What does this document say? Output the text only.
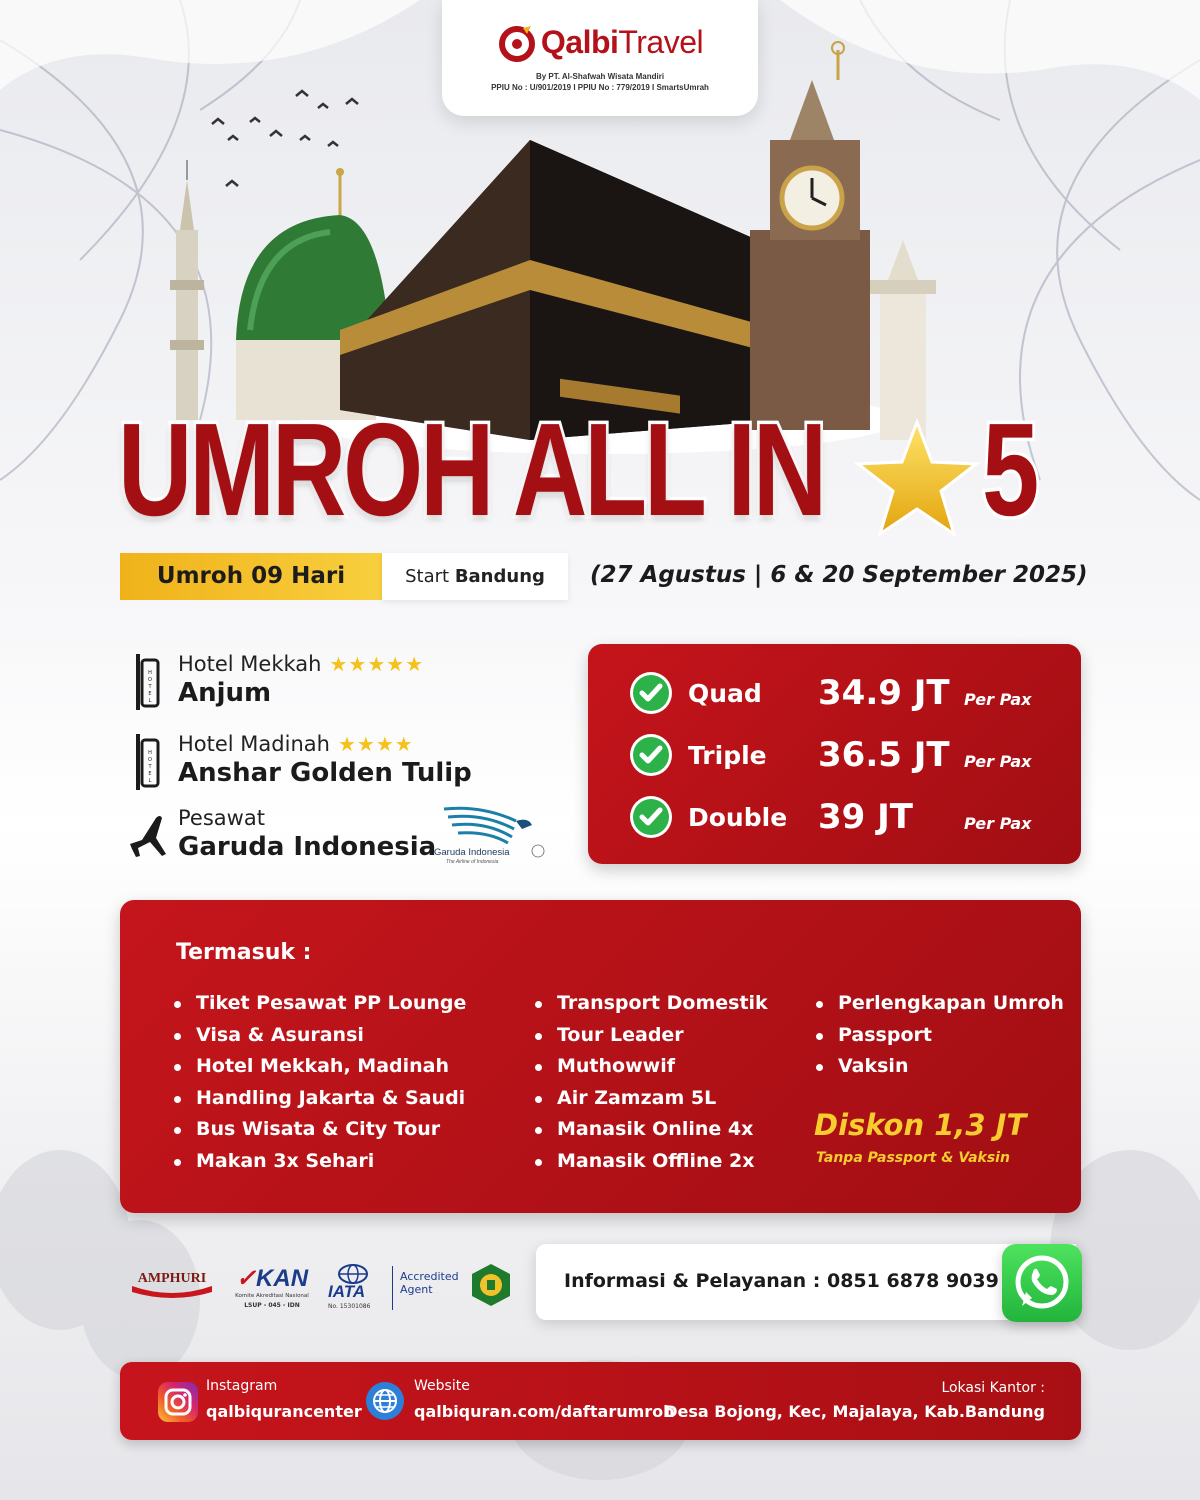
QalbiTravel
By PT. Al-Shafwah Wisata Mandiri
PPIU No : U/901/2019 I PPIU No : 779/2019 I SmartsUmrah
UMROH ALL IN 5
Umroh 09 Hari	Start Bandung	(27 Agustus | 6 & 20 September 2025)
H
O
T
E
L
Hotel Mekkah ★★★★★
Anjum
H
O
T
E
L
Hotel Madinah ★★★★
Anshar Golden Tulip
Pesawat
Garuda Indonesia
Garuda Indonesia
The Airline of Indonesia
Quad	34.9 JT Per Pax
Triple	36.5 JT Per Pax
Double 39 JT	Per Pax
Termasuk :
Tiket Pesawat PP Lounge
Visa & Asuransi
Hotel Mekkah, Madinah
Handling Jakarta & Saudi
Bus Wisata & City Tour
Makan 3x Sehari
Transport Domestik
Tour Leader
Muthowwif
Air Zamzam 5L
Manasik Online 4x
Manasik Offline 2x
Perlengkapan Umroh
Passport
Vaksin
Diskon 1,3 JT
Tanpa Passport & Vaksin
AMPHURI ✓KAN
Komite Akreditasi Nasional
LSUP - 045 - IDN
IATA
No. 15301086
Accredited
Agent	Informasi & Pelayanan : 0851 6878 9039
Instagram
qalbiqurancenter
Website
qalbiquran.com/daftarumroh
Lokasi Kantor :
Desa Bojong, Kec, Majalaya, Kab.Bandung
